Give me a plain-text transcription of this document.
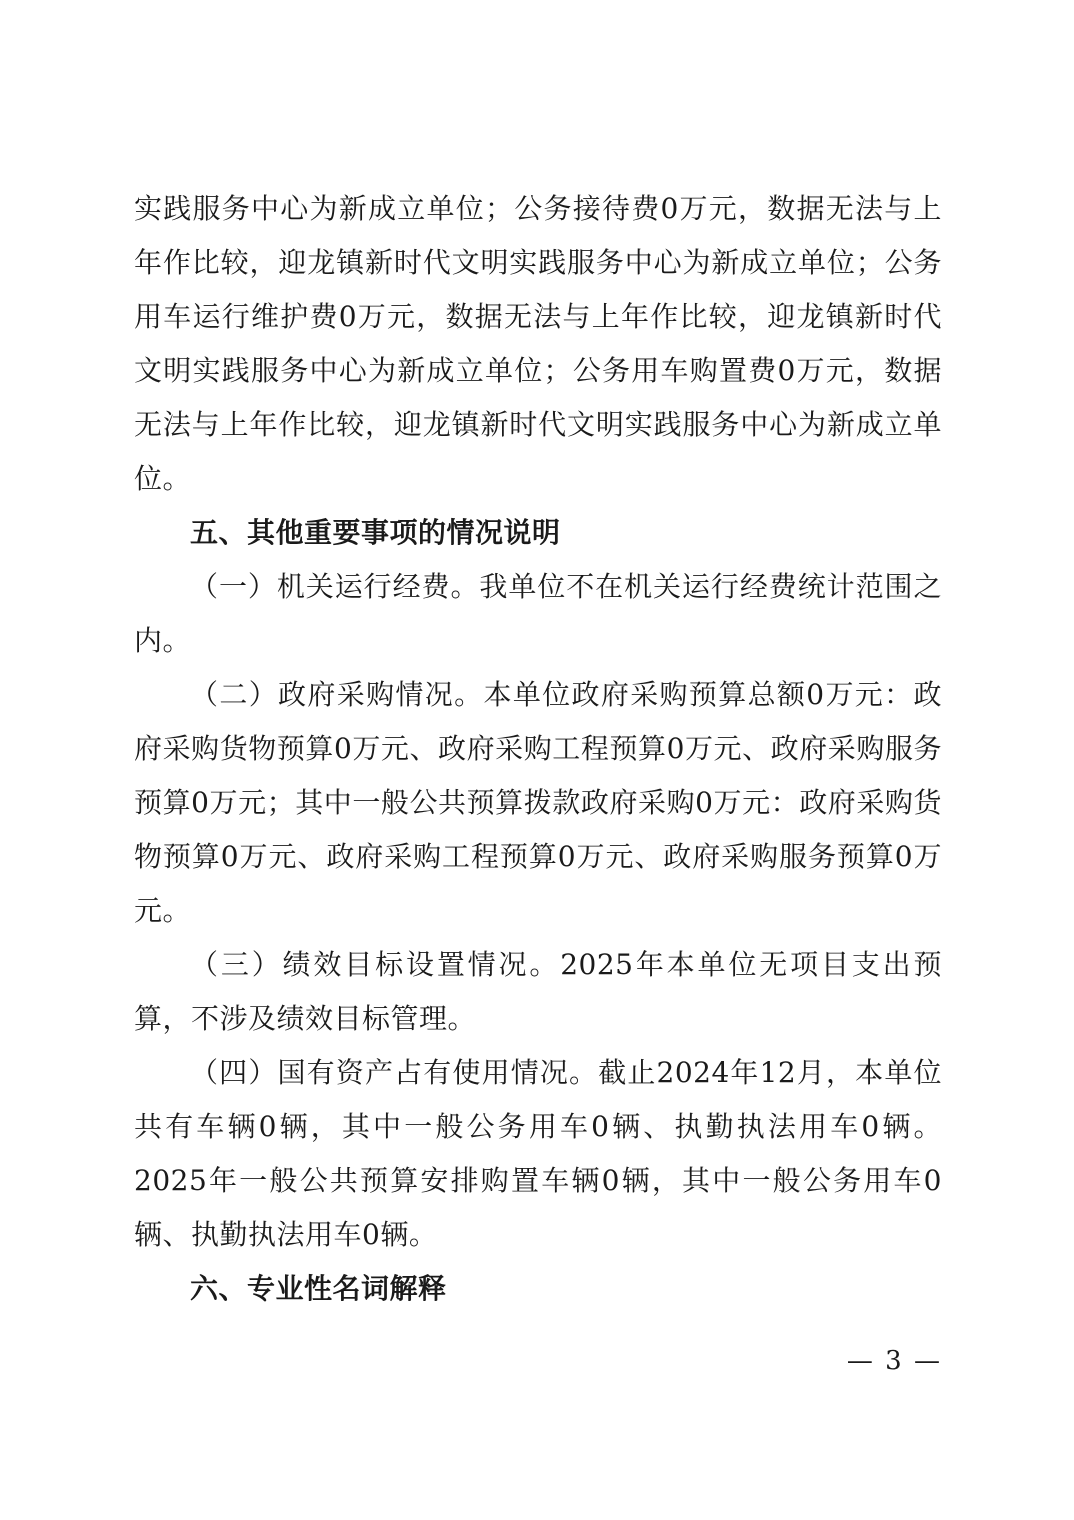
实践服务中心为新成立单位；公务接待费0万元，数据无法与上年作比较，迎龙镇新时代文明实践服务中心为新成立单位；公务用车运行维护费0万元，数据无法与上年作比较，迎龙镇新时代文明实践服务中心为新成立单位；公务用车购置费0万元，数据无法与上年作比较，迎龙镇新时代文明实践服务中心为新成立单位。

五、其他重要事项的情况说明

（一）机关运行经费。我单位不在机关运行经费统计范围之内。

（二）政府采购情况。本单位政府采购预算总额0万元：政府采购货物预算0万元、政府采购工程预算0万元、政府采购服务预算0万元；其中一般公共预算拨款政府采购0万元：政府采购货物预算0万元、政府采购工程预算0万元、政府采购服务预算0万元。

（三）绩效目标设置情况。2025年本单位无项目支出预算，不涉及绩效目标管理。

（四）国有资产占有使用情况。截止2024年12月，本单位共有车辆0辆，其中一般公务用车0辆、执勤执法用车0辆。2025年一般公共预算安排购置车辆0辆，其中一般公务用车0辆、执勤执法用车0辆。

六、专业性名词解释

— 3 —
